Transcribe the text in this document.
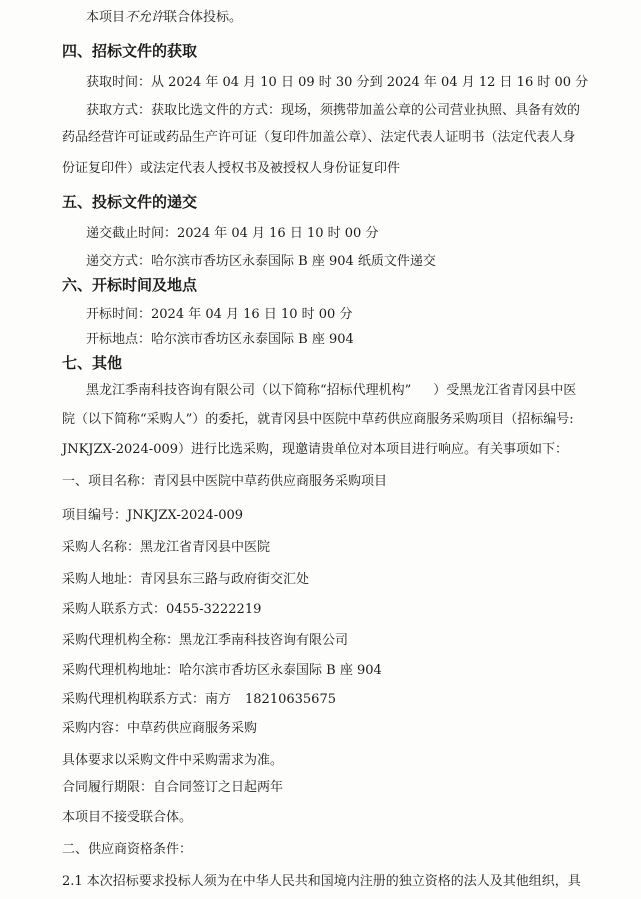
本项目不允许联合体投标。
四、招标文件的获取
获取时间：从 2024 年 04 月 10 日 09 时 30 分到 2024 年 04 月 12 日 16 时 00 分
获取方式：获取比选文件的方式：现场，须携带加盖公章的公司营业执照、具备有效的
药品经营许可证或药品生产许可证（复印件加盖公章）、法定代表人证明书（法定代表人身
份证复印件）或法定代表人授权书及被授权人身份证复印件
五、投标文件的递交
递交截止时间：2024 年 04 月 16 日 10 时 00 分
递交方式：哈尔滨市香坊区永泰国际 B 座 904 纸质文件递交
六、开标时间及地点
开标时间：2024 年 04 月 16 日 10 时 00 分
开标地点：哈尔滨市香坊区永泰国际 B 座 904
七、其他
黑龙江季南科技咨询有限公司（以下简称“招标代理机构” ）受黑龙江省青冈县中医
院（以下简称“采购人”）的委托，就青冈县中医院中草药供应商服务采购项目（招标编号:
JNKJZX-2024-009）进行比选采购，现邀请贵单位对本项目进行响应。有关事项如下：
一、项目名称：青冈县中医院中草药供应商服务采购项目
项目编号：JNKJZX-2024-009
采购人名称：黑龙江省青冈县中医院
采购人地址：青冈县东三路与政府街交汇处
采购人联系方式：0455-3222219
采购代理机构全称：黑龙江季南科技咨询有限公司
采购代理机构地址：哈尔滨市香坊区永泰国际 B 座 904
采购代理机构联系方式：南方 18210635675
采购内容：中草药供应商服务采购
具体要求以采购文件中采购需求为准。
合同履行期限：自合同签订之日起两年
本项目不接受联合体。
二、供应商资格条件：
2.1 本次招标要求投标人须为在中华人民共和国境内注册的独立资格的法人及其他组织，具
